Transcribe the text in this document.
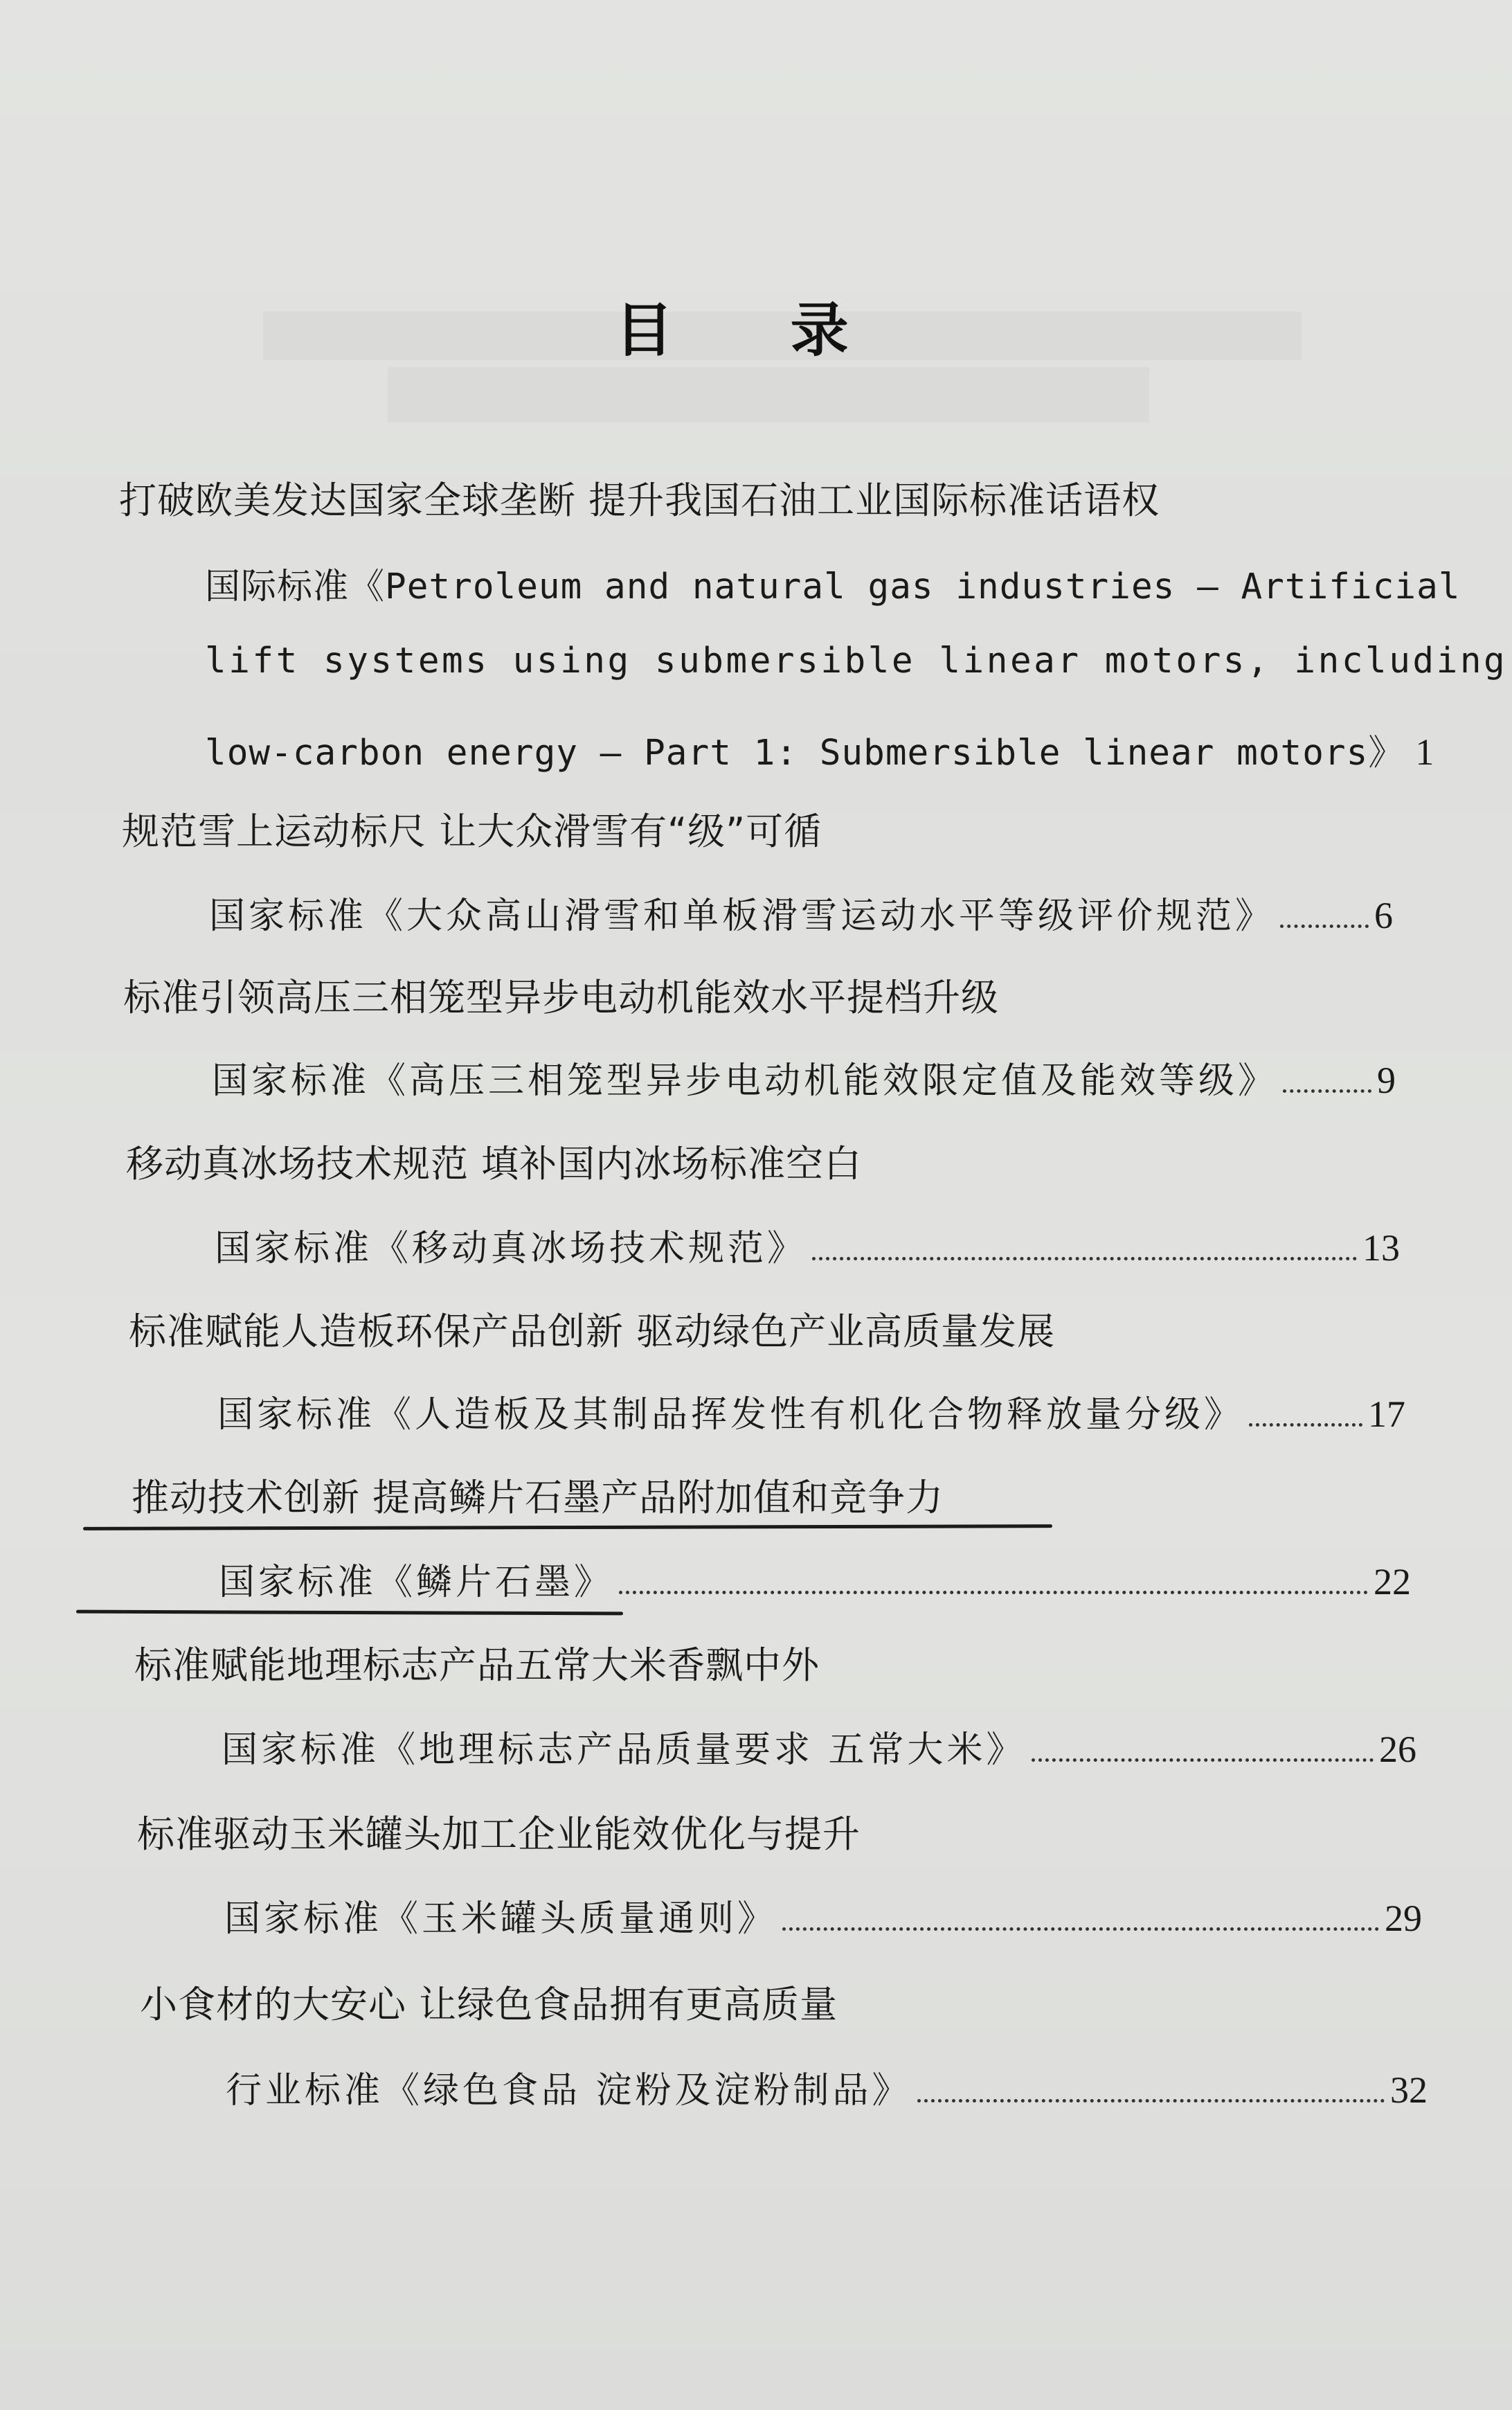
目 录
打破欧美发达国家全球垄断 提升我国石油工业国际标准话语权
国际标准《Petroleum and natural gas industries — Artificial
lift systems using submersible linear motors, including
low-carbon energy — Part 1: Submersible linear motors》 1
规范雪上运动标尺 让大众滑雪有“级”可循
国家标准《大众高山滑雪和单板滑雪运动水平等级评价规范》	6
标准引领高压三相笼型异步电动机能效水平提档升级
国家标准《高压三相笼型异步电动机能效限定值及能效等级》	9
移动真冰场技术规范 填补国内冰场标准空白
国家标准《移动真冰场技术规范》	13
标准赋能人造板环保产品创新 驱动绿色产业高质量发展
国家标准《人造板及其制品挥发性有机化合物释放量分级》	17
推动技术创新 提高鳞片石墨产品附加值和竞争力
国家标准《鳞片石墨》	22
标准赋能地理标志产品五常大米香飘中外
国家标准《地理标志产品质量要求 五常大米》	26
标准驱动玉米罐头加工企业能效优化与提升
国家标准《玉米罐头质量通则》	29
小食材的大安心 让绿色食品拥有更高质量
行业标准《绿色食品 淀粉及淀粉制品》	32
